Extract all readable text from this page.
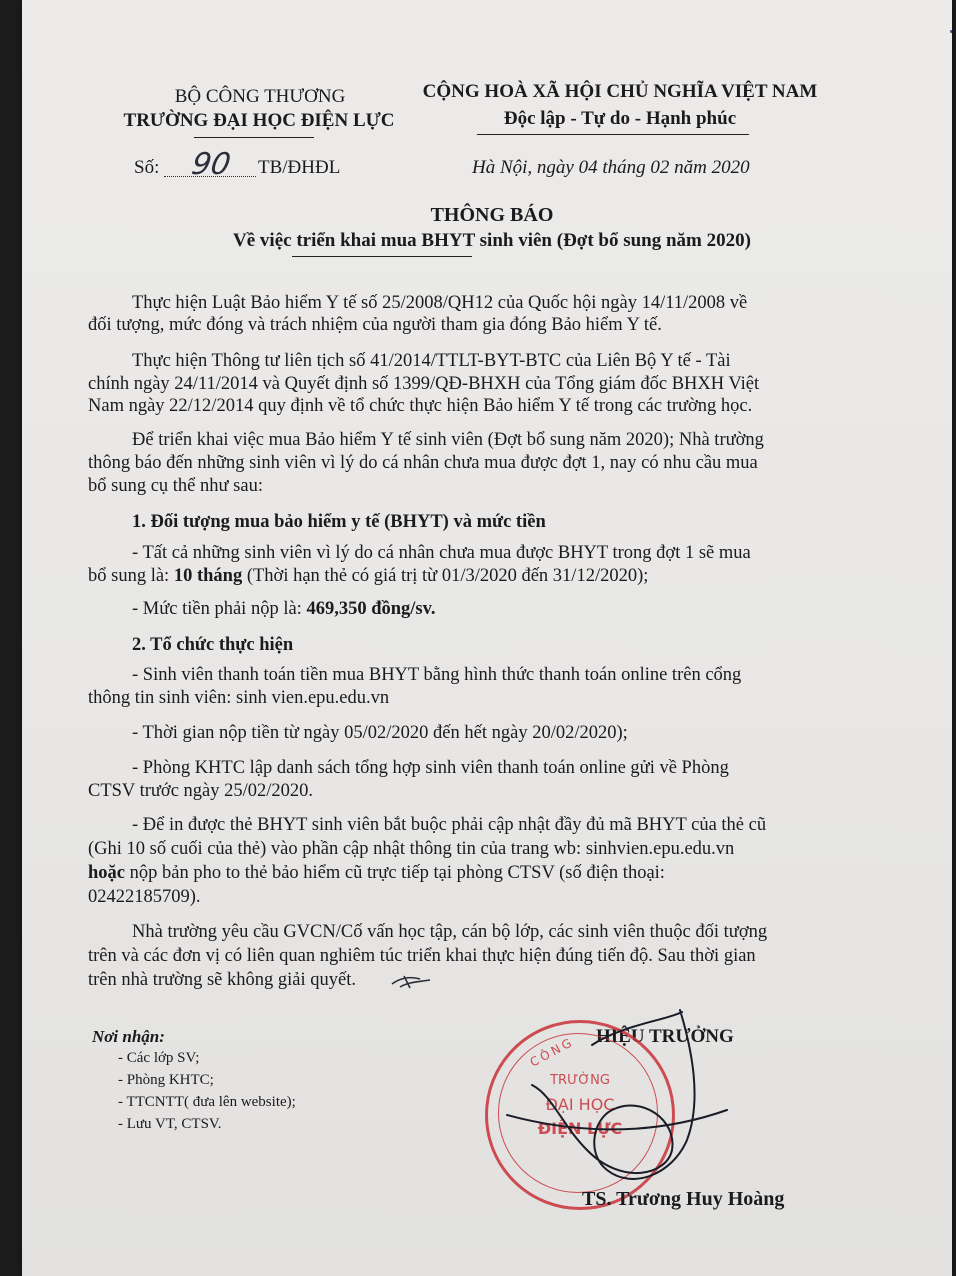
BỘ CÔNG THƯƠNG
TRƯỜNG ĐẠI HỌC ĐIỆN LỰC
Số: 90 TB/ĐHĐL
CỘNG HOÀ XÃ HỘI CHỦ NGHĨA VIỆT NAM
Độc lập - Tự do - Hạnh phúc
Hà Nội, ngày 04 tháng 02 năm 2020
THÔNG BÁO
Về việc triển khai mua BHYT sinh viên (Đợt bổ sung năm 2020)
Thực hiện Luật Bảo hiểm Y tế số 25/2008/QH12 của Quốc hội ngày 14/11/2008 về
đối tượng, mức đóng và trách nhiệm của người tham gia đóng Bảo hiểm Y tế.
Thực hiện Thông tư liên tịch số 41/2014/TTLT-BYT-BTC của Liên Bộ Y tế - Tài
chính ngày 24/11/2014 và Quyết định số 1399/QĐ-BHXH của Tổng giám đốc BHXH Việt
Nam ngày 22/12/2014 quy định về tổ chức thực hiện Bảo hiểm Y tế trong các trường học.
Để triển khai việc mua Bảo hiểm Y tế sinh viên (Đợt bổ sung năm 2020); Nhà trường
thông báo đến những sinh viên vì lý do cá nhân chưa mua được đợt 1, nay có nhu cầu mua
bổ sung cụ thể như sau:
1. Đối tượng mua bảo hiểm y tế (BHYT) và mức tiền
- Tất cả những sinh viên vì lý do cá nhân chưa mua được BHYT trong đợt 1 sẽ mua
bổ sung là: 10 tháng (Thời hạn thẻ có giá trị từ 01/3/2020 đến 31/12/2020);
- Mức tiền phải nộp là: 469,350 đồng/sv.
2. Tổ chức thực hiện
- Sinh viên thanh toán tiền mua BHYT bằng hình thức thanh toán online trên cổng
thông tin sinh viên: sinh vien.epu.edu.vn
- Thời gian nộp tiền từ ngày 05/02/2020 đến hết ngày 20/02/2020);
- Phòng KHTC lập danh sách tổng hợp sinh viên thanh toán online gửi về Phòng
CTSV trước ngày 25/02/2020.
- Để in được thẻ BHYT sinh viên bắt buộc phải cập nhật đầy đủ mã BHYT của thẻ cũ
(Ghi 10 số cuối của thẻ) vào phần cập nhật thông tin của trang wb: sinhvien.epu.edu.vn
hoặc nộp bản pho to thẻ bảo hiểm cũ trực tiếp tại phòng CTSV (số điện thoại:
02422185709).
Nhà trường yêu cầu GVCN/Cố vấn học tập, cán bộ lớp, các sinh viên thuộc đối tượng
trên và các đơn vị có liên quan nghiêm túc triển khai thực hiện đúng tiến độ. Sau thời gian
trên nhà trường sẽ không giải quyết.
Nơi nhận:
- Các lớp SV;
- Phòng KHTC;
- TTCNTT( đưa lên website);
- Lưu VT, CTSV.
HIỆU TRƯỞNG
CÔNG
TRƯỜNG
ĐẠI HỌC
ĐIỆN LỰC
TS. Trương Huy Hoàng
